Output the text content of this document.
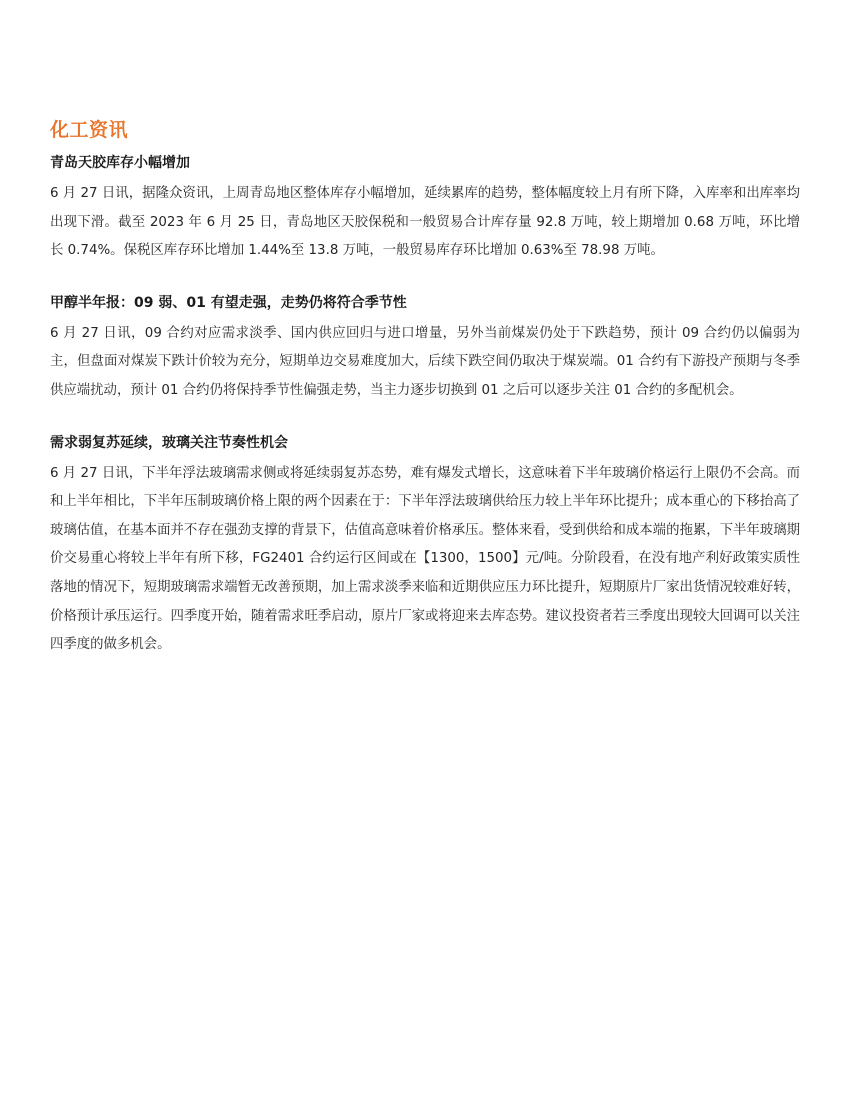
化工资讯
青岛天胶库存小幅增加

6 月 27 日讯，据隆众资讯，上周青岛地区整体库存小幅增加，延续累库的趋势，整体幅度较上月有所下降，入库率和出库率均出现下滑。截至 2023 年 6 月 25 日，青岛地区天胶保税和一般贸易合计库存量 92.8 万吨，较上期增加 0.68 万吨，环比增长 0.74%。保税区库存环比增加 1.44%至 13.8 万吨，一般贸易库存环比增加 0.63%至 78.98 万吨。

甲醇半年报：09 弱、01 有望走强，走势仍将符合季节性

6 月 27 日讯，09 合约对应需求淡季、国内供应回归与进口增量，另外当前煤炭仍处于下跌趋势，预计 09 合约仍以偏弱为主，但盘面对煤炭下跌计价较为充分，短期单边交易难度加大，后续下跌空间仍取决于煤炭端。01 合约有下游投产预期与冬季供应端扰动，预计 01 合约仍将保持季节性偏强走势，当主力逐步切换到 01 之后可以逐步关注 01 合约的多配机会。

需求弱复苏延续，玻璃关注节奏性机会

6 月 27 日讯，下半年浮法玻璃需求侧或将延续弱复苏态势，难有爆发式增长，这意味着下半年玻璃价格运行上限仍不会高。而和上半年相比，下半年压制玻璃价格上限的两个因素在于：下半年浮法玻璃供给压力较上半年环比提升；成本重心的下移抬高了玻璃估值，在基本面并不存在强劲支撑的背景下，估值高意味着价格承压。整体来看，受到供给和成本端的拖累，下半年玻璃期价交易重心将较上半年有所下移，FG2401 合约运行区间或在【1300，1500】元/吨。分阶段看，在没有地产利好政策实质性落地的情况下，短期玻璃需求端暂无改善预期，加上需求淡季来临和近期供应压力环比提升，短期原片厂家出货情况较难好转，价格预计承压运行。四季度开始，随着需求旺季启动，原片厂家或将迎来去库态势。建议投资者若三季度出现较大回调可以关注四季度的做多机会。
